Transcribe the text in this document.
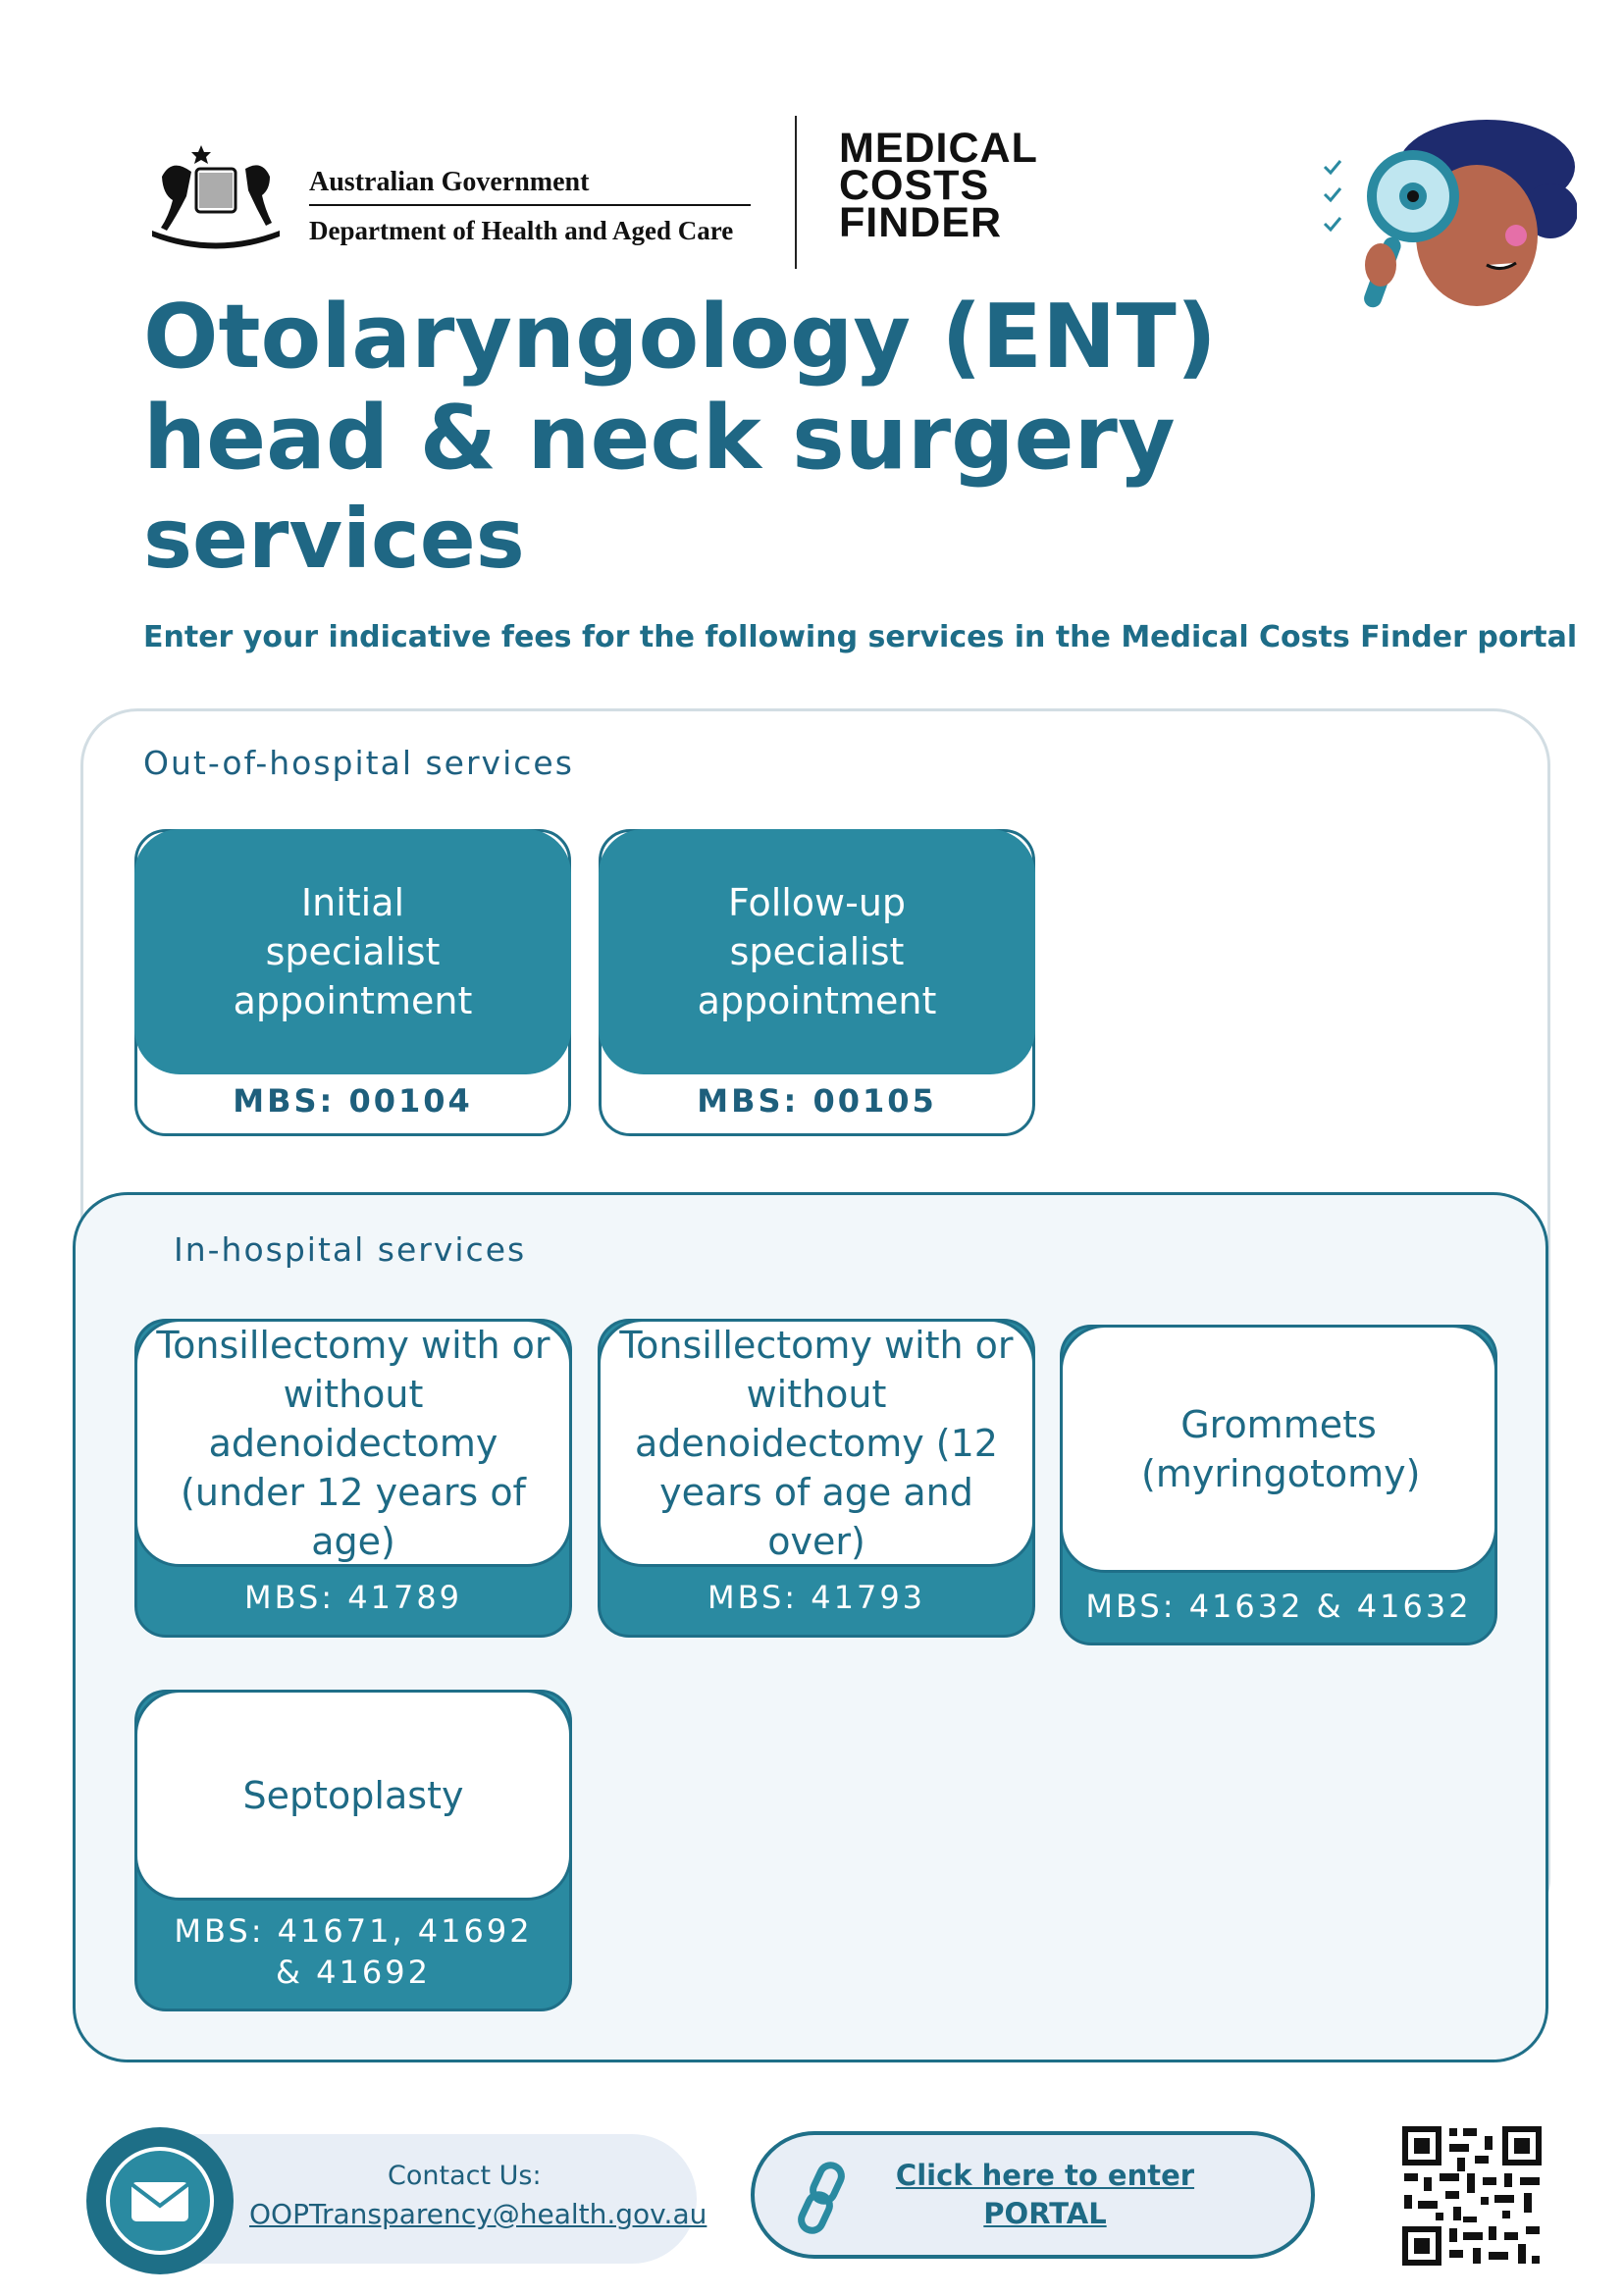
Australian Government
Department of Health and Aged Care
MEDICAL
COSTS
FINDER
Otolaryngology (ENT)
head & neck surgery
services
Enter your indicative fees for the following services in the Medical Costs Finder portal
Out-of-hospital services
Initial specialist appointment
MBS: 00104
Follow-up specialist appointment
MBS: 00105
In-hospital services
Tonsillectomy with or without adenoidectomy (under 12 years of age)
MBS: 41789
Tonsillectomy with or without adenoidectomy (12 years of age and over)
MBS: 41793
Grommets (myringotomy)
MBS: 41632 & 41632
Septoplasty
MBS: 41671, 41692 & 41692
Contact Us:
OOPTransparency@health.gov.au
Click here to enter
PORTAL
